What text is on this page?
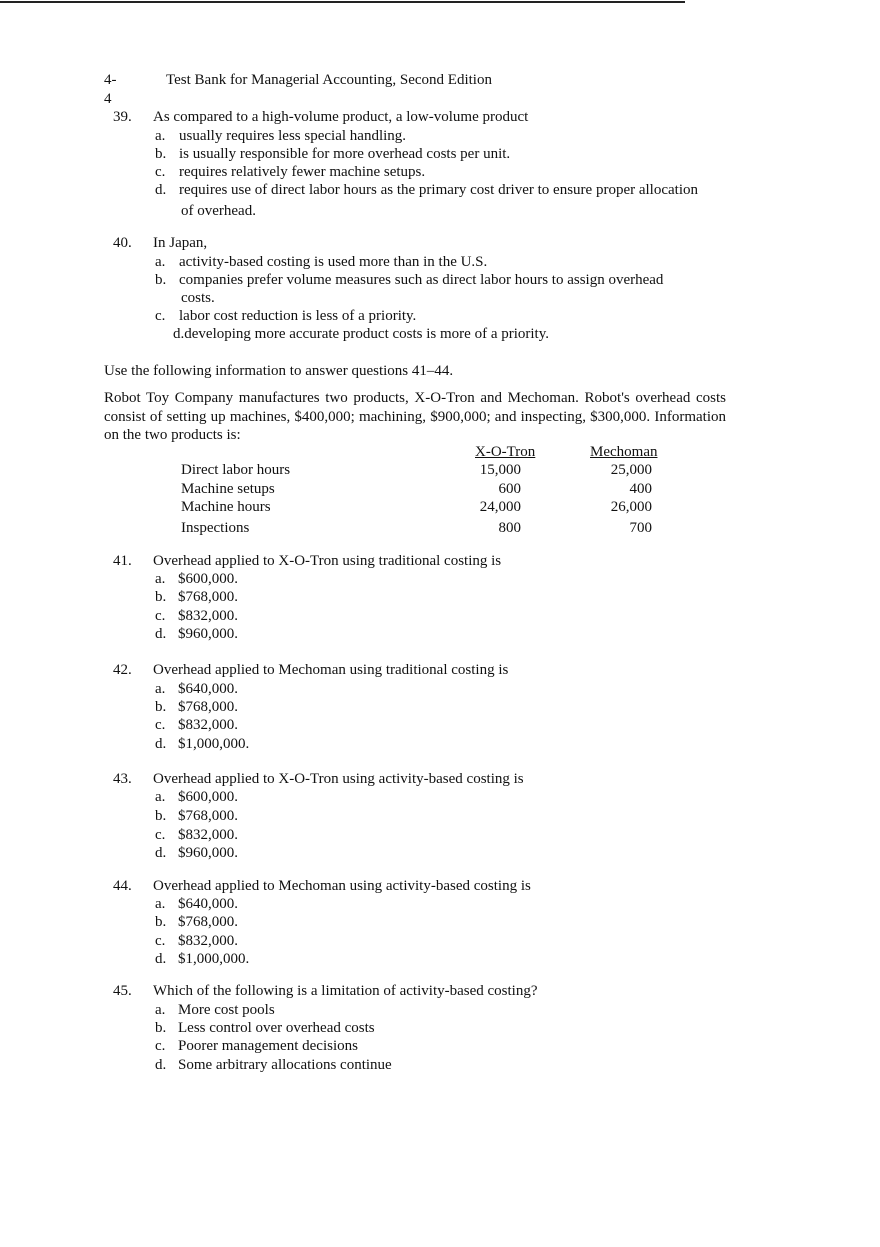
4-	Test Bank for Managerial Accounting, Second Edition
4
39. As compared to a high-volume product, a low-volume product
a. usually requires less special handling.
b. is usually responsible for more overhead costs per unit.
c. requires relatively fewer machine setups.
d. requires use of direct labor hours as the primary cost driver to ensure proper allocation
of overhead.
40. In Japan,
a. activity-based costing is used more than in the U.S.
b. companies prefer volume measures such as direct labor hours to assign overhead
costs.
c. labor cost reduction is less of a priority.
d.developing more accurate product costs is more of a priority.
Use the following information to answer questions 41–44.
Robot Toy Company manufactures two products, X-O-Tron and Mechoman. Robot's overhead costs consist of setting up machines, $400,000; machining, $900,000; and inspecting, $300,000. Information on the two products is:
X-O-Tron	Mechoman
Direct labor hours	15,000	25,000
Machine setups	600	400
Machine hours	24,000	26,000
Inspections	800	700
41. Overhead applied to X-O-Tron using traditional costing is
a. $600,000.
b. $768,000.
c. $832,000.
d. $960,000.
42. Overhead applied to Mechoman using traditional costing is
a. $640,000.
b. $768,000.
c. $832,000.
d. $1,000,000.
43. Overhead applied to X-O-Tron using activity-based costing is
a. $600,000.
b. $768,000.
c. $832,000.
d. $960,000.
44. Overhead applied to Mechoman using activity-based costing is
a. $640,000.
b. $768,000.
c. $832,000.
d. $1,000,000.
45. Which of the following is a limitation of activity-based costing?
a. More cost pools
b. Less control over overhead costs
c. Poorer management decisions
d. Some arbitrary allocations continue
